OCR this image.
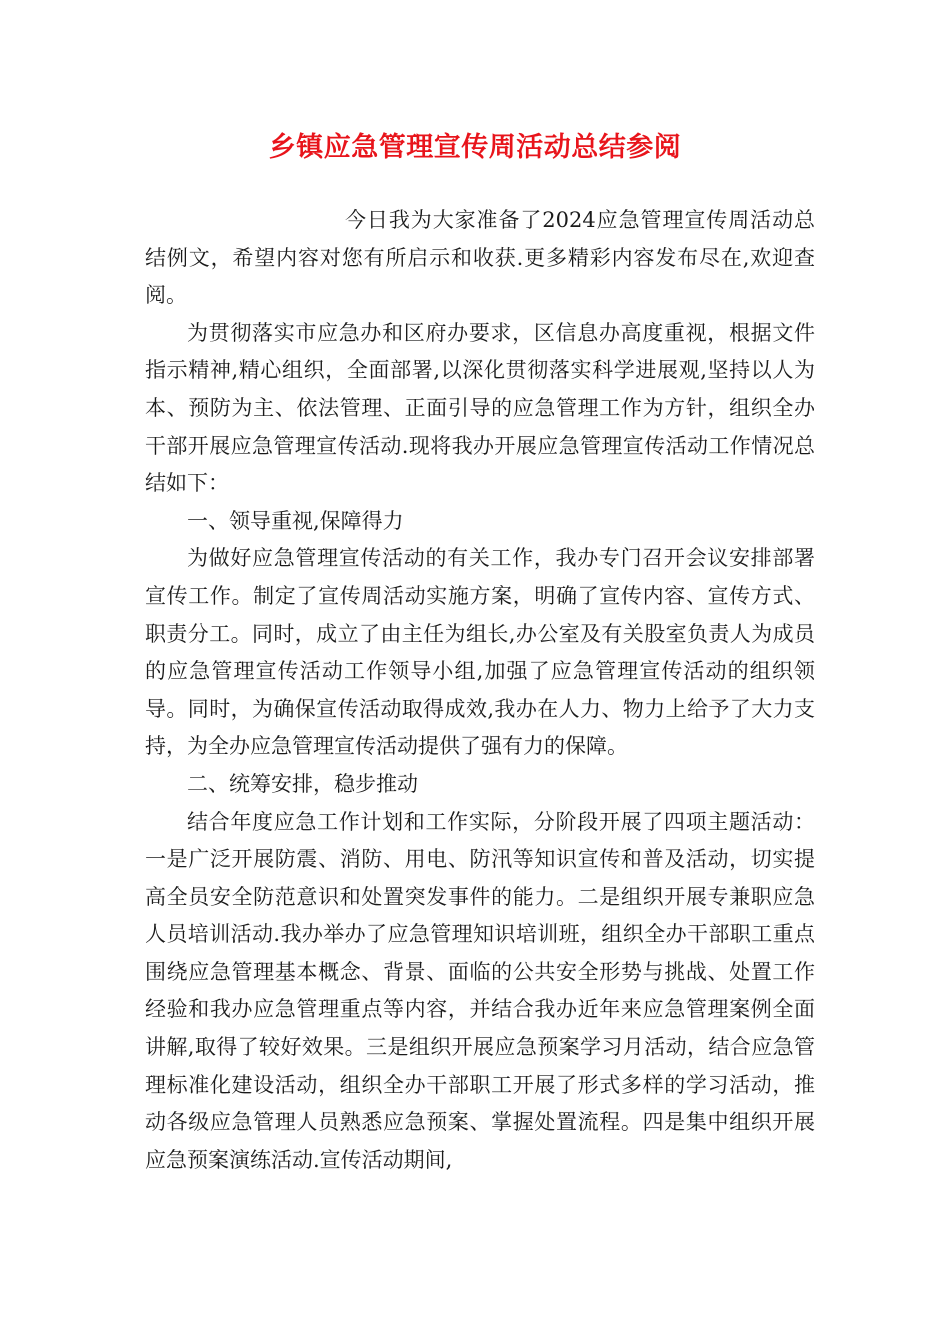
乡镇应急管理宣传周活动总结参阅

今日我为大家准备了2024应急管理宣传周活动总结例文，希望内容对您有所启示和收获.更多精彩内容发布尽在,欢迎查阅。

为贯彻落实市应急办和区府办要求，区信息办高度重视，根据文件指示精神,精心组织，全面部署,以深化贯彻落实科学进展观,坚持以人为本、预防为主、依法管理、正面引导的应急管理工作为方针，组织全办干部开展应急管理宣传活动.现将我办开展应急管理宣传活动工作情况总结如下：

一、领导重视,保障得力

为做好应急管理宣传活动的有关工作，我办专门召开会议安排部署宣传工作。制定了宣传周活动实施方案，明确了宣传内容、宣传方式、职责分工。同时，成立了由主任为组长,办公室及有关股室负责人为成员的应急管理宣传活动工作领导小组,加强了应急管理宣传活动的组织领导。同时，为确保宣传活动取得成效,我办在人力、物力上给予了大力支持，为全办应急管理宣传活动提供了强有力的保障。

二、统筹安排，稳步推动

结合年度应急工作计划和工作实际，分阶段开展了四项主题活动：一是广泛开展防震、消防、用电、防汛等知识宣传和普及活动，切实提高全员安全防范意识和处置突发事件的能力。二是组织开展专兼职应急人员培训活动.我办举办了应急管理知识培训班，组织全办干部职工重点围绕应急管理基本概念、背景、面临的公共安全形势与挑战、处置工作经验和我办应急管理重点等内容，并结合我办近年来应急管理案例全面讲解,取得了较好效果。三是组织开展应急预案学习月活动，结合应急管理标准化建设活动，组织全办干部职工开展了形式多样的学习活动，推动各级应急管理人员熟悉应急预案、掌握处置流程。四是集中组织开展应急预案演练活动.宣传活动期间,
